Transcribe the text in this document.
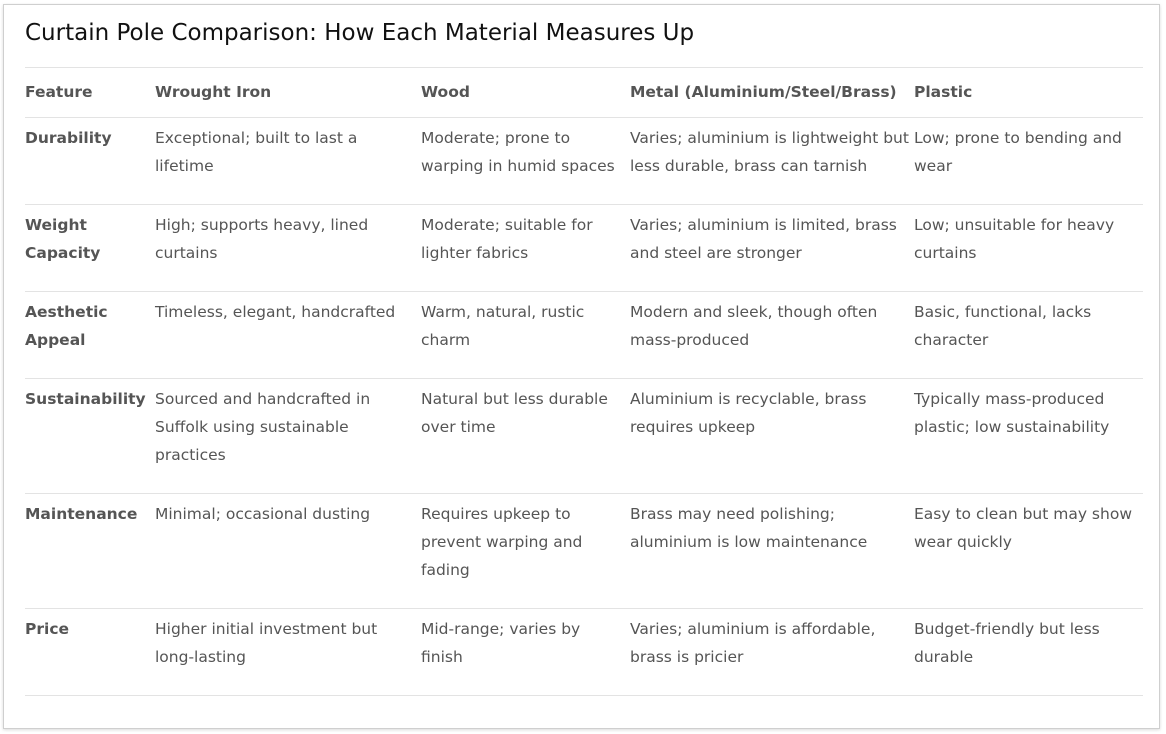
Curtain Pole Comparison: How Each Material Measures Up
Feature	Wrought Iron	Wood	Metal (Aluminium/Steel/Brass)	Plastic
Durability	Exceptional; built to last a lifetime	Moderate; prone to warping in humid spaces	Varies; aluminium is lightweight but less durable, brass can tarnish	Low; prone to bending and wear
Weight Capacity	High; supports heavy, lined curtains	Moderate; suitable for lighter fabrics	Varies; aluminium is limited, brass and steel are stronger	Low; unsuitable for heavy curtains
Aesthetic Appeal	Timeless, elegant, handcrafted	Warm, natural, rustic charm	Modern and sleek, though often mass-produced	Basic, functional, lacks character
Sustainability	Sourced and handcrafted in Suffolk using sustainable practices	Natural but less durable over time	Aluminium is recyclable, brass requires upkeep	Typically mass-produced plastic; low sustainability
Maintenance	Minimal; occasional dusting	Requires upkeep to prevent warping and fading	Brass may need polishing; aluminium is low maintenance	Easy to clean but may show wear quickly
Price	Higher initial investment but long-lasting	Mid-range; varies by finish	Varies; aluminium is affordable, brass is pricier	Budget-friendly but less durable
